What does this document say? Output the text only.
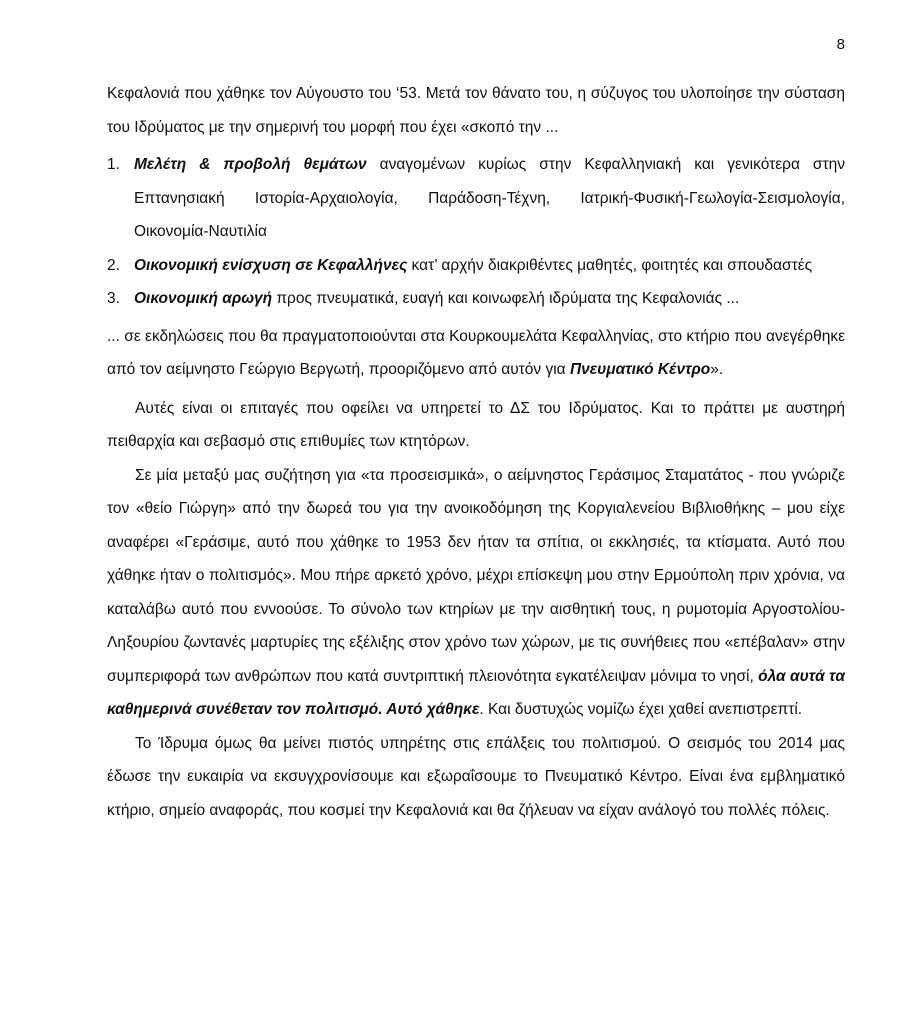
8

Κεφαλονιά που χάθηκε τον Αύγουστο του ‘53. Μετά τον θάνατο του, η σύζυγος του υλοποίησε την σύσταση του Ιδρύματος με την σημερινή του μορφή που έχει «σκοπό την ...

1. Μελέτη & προβολή θεμάτων αναγομένων κυρίως στην Κεφαλληνιακή και γενικότερα στην Επτανησιακή Ιστορία-Αρχαιολογία, Παράδοση-Τέχνη, Ιατρική-Φυσική-Γεωλογία-Σεισμολογία, Οικονομία-Ναυτιλία
2. Οικονομική ενίσχυση σε Κεφαλλήνες κατ’ αρχήν διακριθέντες μαθητές, φοιτητές και σπουδαστές
3. Οικονομική αρωγή προς πνευματικά, ευαγή και κοινωφελή ιδρύματα της Κεφαλονιάς ...

... σε εκδηλώσεις που θα πραγματοποιούνται στα Κουρκουμελάτα Κεφαλληνίας, στο κτήριο που ανεγέρθηκε από τον αείμνηστο Γεώργιο Βεργωτή, προοριζόμενο από αυτόν για Πνευματικό Κέντρο».

Αυτές είναι οι επιταγές που οφείλει να υπηρετεί το ΔΣ του Ιδρύματος. Και το πράττει με αυστηρή πειθαρχία και σεβασμό στις επιθυμίες των κτητόρων.

Σε μία μεταξύ μας συζήτηση για «τα προσεισμικά», ο αείμνηστος Γεράσιμος Σταματάτος - που γνώριζε τον «θείο Γιώργη» από την δωρεά του για την ανοικοδόμηση της Κοργιαλενείου Βιβλιοθήκης – μου είχε αναφέρει «Γεράσιμε, αυτό που χάθηκε το 1953 δεν ήταν τα σπίτια, οι εκκλησιές, τα κτίσματα. Αυτό που χάθηκε ήταν ο πολιτισμός». Μου πήρε αρκετό χρόνο, μέχρι επίσκεψη μου στην Ερμούπολη πριν χρόνια, να καταλάβω αυτό που εννοούσε. Το σύνολο των κτηρίων με την αισθητική τους, η ρυμοτομία Αργοστολίου-Ληξουρίου ζωντανές μαρτυρίες της εξέλιξης στον χρόνο των χώρων, με τις συνήθειες που «επέβαλαν» στην συμπεριφορά των ανθρώπων που κατά συντριπτική πλειονότητα εγκατέλειψαν μόνιμα το νησί, όλα αυτά τα καθημερινά συνέθεταν τον πολιτισμό. Αυτό χάθηκε. Και δυστυχώς νομίζω έχει χαθεί ανεπιστρεπτί.

Το Ίδρυμα όμως θα μείνει πιστός υπηρέτης στις επάλξεις του πολιτισμού. Ο σεισμός του 2014 μας έδωσε την ευκαιρία να εκσυγχρονίσουμε και εξωραΐσουμε το Πνευματικό Κέντρο. Είναι ένα εμβληματικό κτήριο, σημείο αναφοράς, που κοσμεί την Κεφαλονιά και θα ζήλευαν να είχαν ανάλογό του πολλές πόλεις.
